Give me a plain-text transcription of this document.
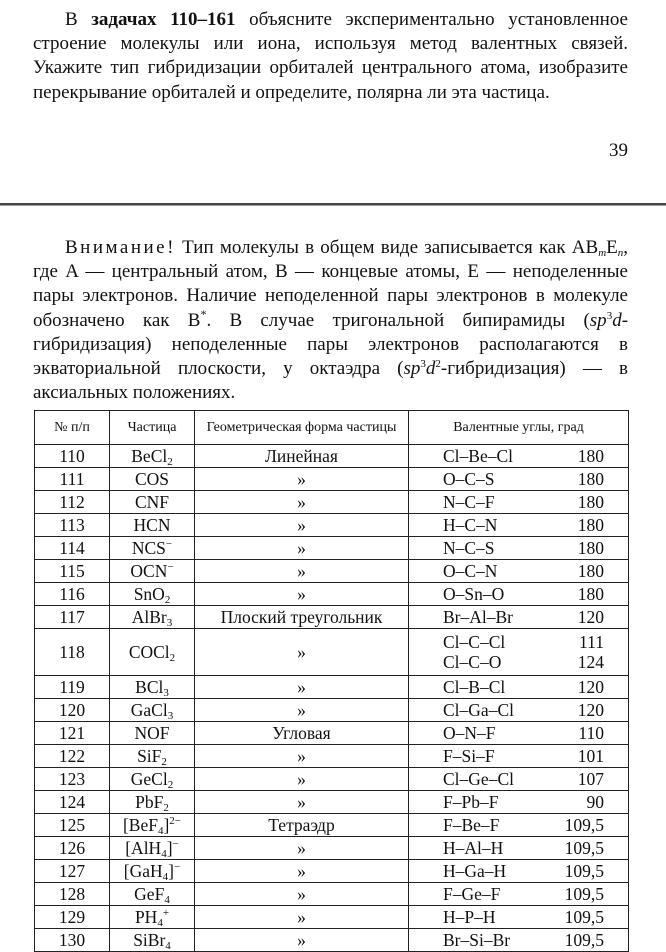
В задачах 110–161 объясните экспериментально установленное строение молекулы или иона, используя метод валентных связей. Укажите тип гибридизации орбиталей центрального атома, изобразите перекрывание орбиталей и определите, полярна ли эта частица.
39
Внимание! Тип молекулы в общем виде записывается как $AB_mE_n$, где A — центральный атом, B — концевые атомы, E — неподеленные пары электронов. Наличие неподеленной пары электронов в молекуле обозначено как B*. В случае тригональной бипирамиды $(sp^3d-гибридизация)$ неподеленные пары электронов располагаются в экваториальной плоскости, у октаэдра $(sp^3d^2-гибридизация)$ — в аксиальных положениях.
№ п/п	Частица	Геометрическая форма частицы	Валентные углы, град
110	BeCl$_2$	Линейная	Cl–Be–Cl 180

111	COS	»	O–C–S 180

112	CNF	»	N–C–F 180

113	HCN	»	H–C–N 180

114	NCS−	»	N–C–S 180

115	OCN−	»	O–C–N 180

116	SnO$_2$	»	O–Sn–O 180

117	AlBr$_3$	Плоский треугольник	Br–Al–Br 120

118	COCl$_2$	»	Cl–C–Cl 111
Cl–C–O 124

119	BCl$_3$	»	Cl–B–Cl 120

120	GaCl$_3$	»	Cl–Ga–Cl 120

121	NOF	Угловая	O–N–F 110

122	SiF$_2$	»	F–Si–F 101

123	GeCl$_2$	»	Cl–Ge–Cl 107

124	PbF$_2$	»	F–Pb–F 90

125	$[BeF_4]^{2-}$	Тетраэдр	F–Be–F 109,5

126	[AlH$_4$]−	»	H–Al–H 109,5

127	[GaH$_4$]−	»	H–Ga–H 109,5

128	GeF$_4$	»	F–Ge–F 109,5

129	$PH_4^+$	»	H–P–H 109,5

130	SiBr$_4$	»	Br–Si–Br 109,5
